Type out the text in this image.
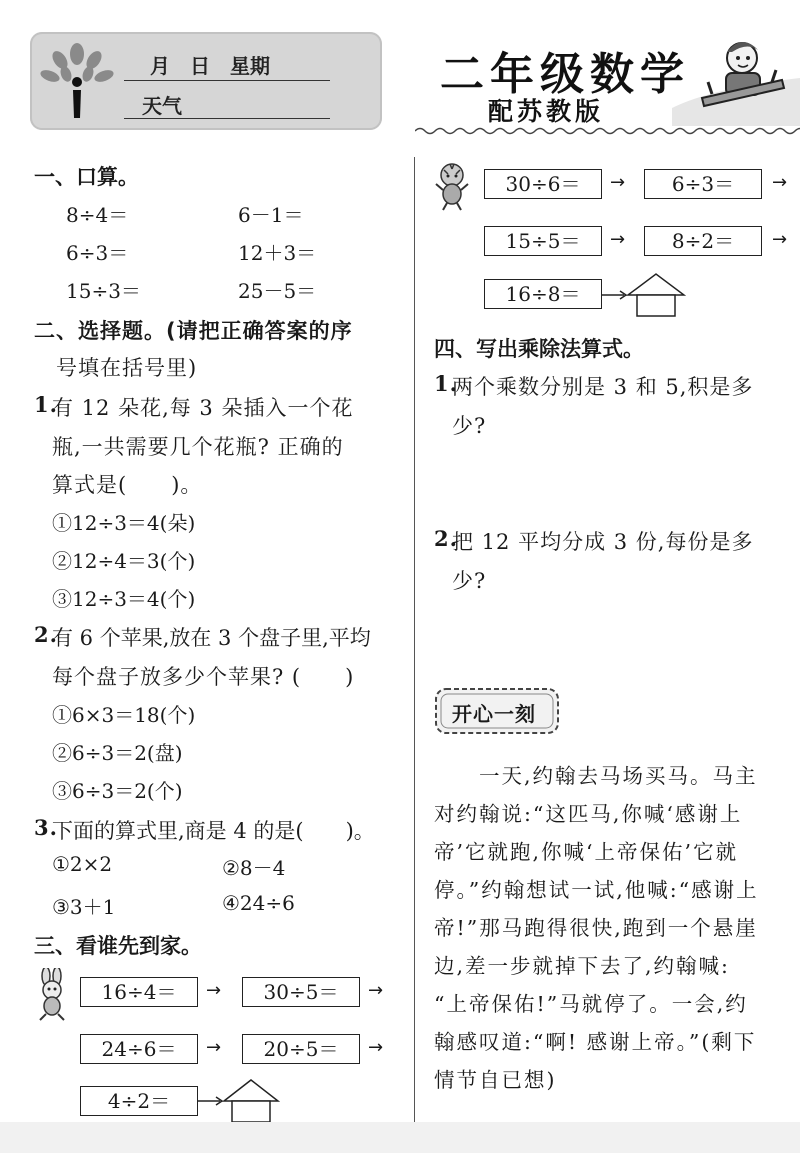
月　日　星期
天气
二年级数学
配苏教版
一、口算。
8÷4＝	6－1＝
6÷3＝	12＋3＝
15÷3＝	25－5＝
二、选择题。(请把正确答案的序
号填在括号里)
1.
有 12 朵花,每 3 朵插入一个花
瓶,一共需要几个花瓶? 正确的
算式是(　　)。
①12÷3＝4(朵)
②12÷4＝3(个)
③12÷3＝4(个)
2.
有 6 个苹果,放在 3 个盘子里,平均
每个盘子放多少个苹果? (　　)
①6×3＝18(个)
②6÷3＝2(盘)
③6÷3＝2(个)
3.
下面的算式里,商是 4 的是(　　)。
①2×2	②8－4
③3＋1	④24÷6
三、看谁先到家。
16÷4＝	→	30÷5＝	→
24÷6＝	→	20÷5＝	→
4÷2＝
30÷6＝	→	6÷3＝	→
15÷5＝	→	8÷2＝	→
16÷8＝
四、写出乘除法算式。
1.
两个乘数分别是 3 和 5,积是多
少?
2.
把 12 平均分成 3 份,每份是多
少?
开心一刻
　　一天,约翰去马场买马。马主
对约翰说:“这匹马,你喊‘感谢上
帝’它就跑,你喊‘上帝保佑’它就
停。”约翰想试一试,他喊:“感谢上
帝!”那马跑得很快,跑到一个悬崖
边,差一步就掉下去了,约翰喊:
“上帝保佑!”马就停了。一会,约
翰感叹道:“啊! 感谢上帝。”(剩下
情节自已想)
